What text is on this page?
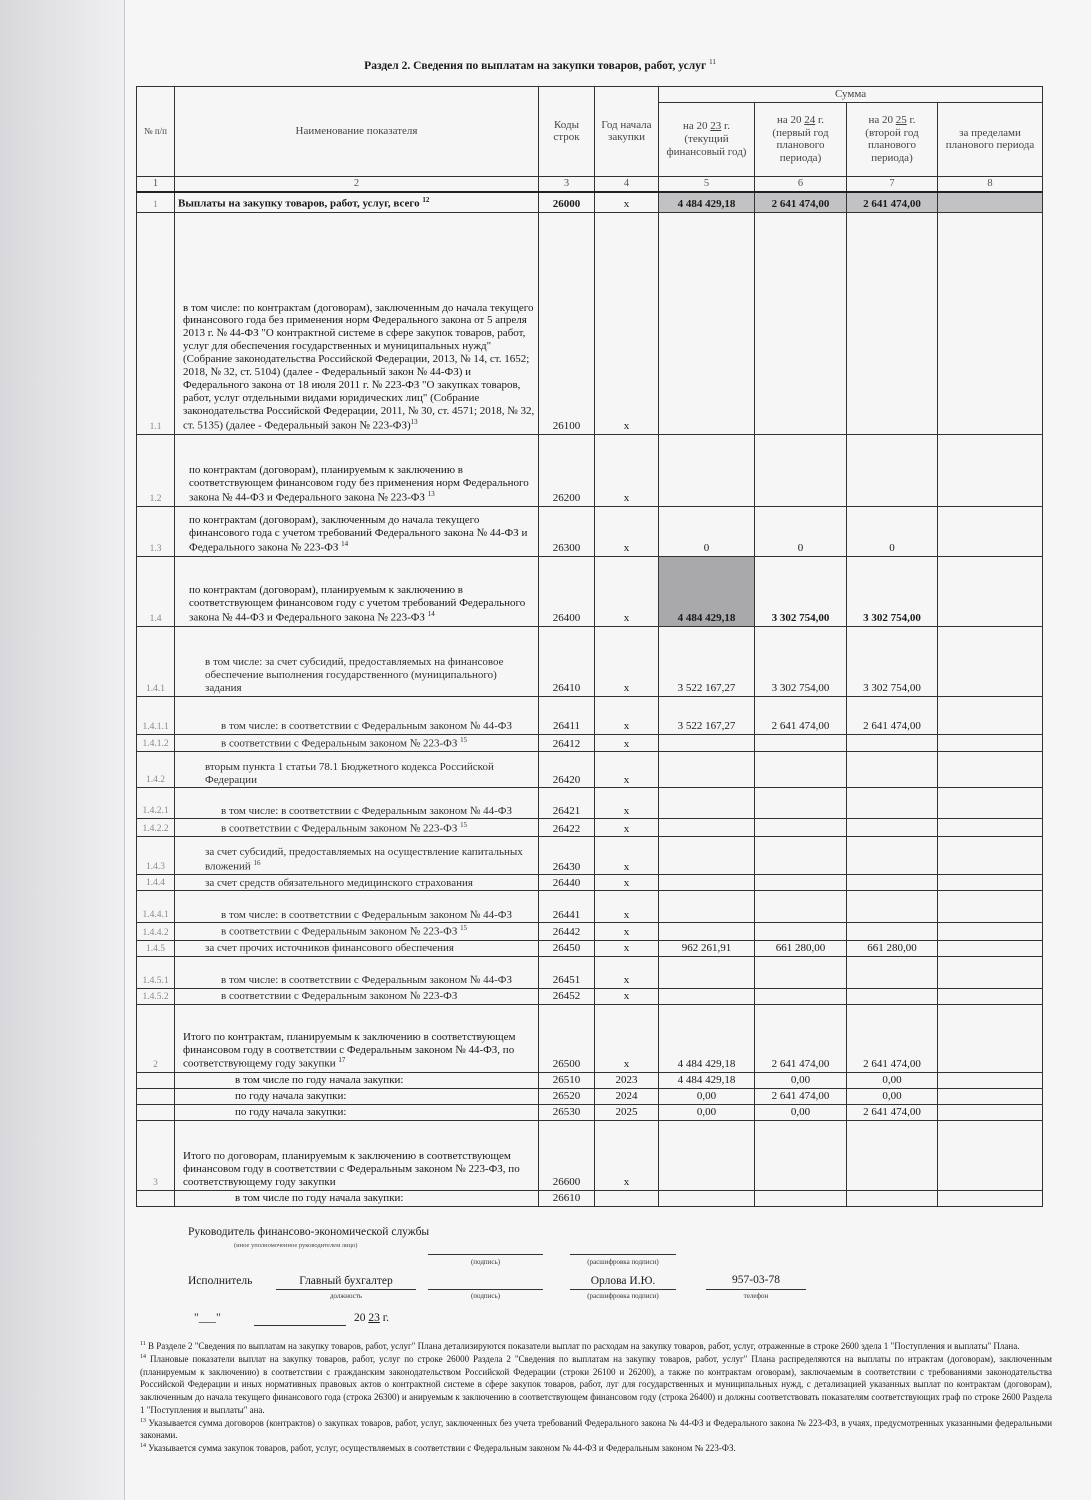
Раздел 2. Сведения по выплатам на закупки товаров, работ, услуг $^{11}$
№ п/п	Наименование показателя	Коды строк	Год начала закупки	Сумма			
				на 20 23 г. (текущий финансовый год)	на 20 24 г. (первый год планового периода)	на 20 25 г. (второй год планового периода)	за пределами планового периода
1	2	3	4	5	6	7	8
1	Выплаты на закупку товаров, работ, услуг, всего $^{12}$	26000	х	4 484 429,18	2 641 474,00	2 641 474,00	
1.1	в том числе: по контрактам (договорам), заключенным до начала текущего финансового года без применения норм Федерального закона от 5 апреля 2013 г. № 44-ФЗ "О контрактной системе в сфере закупок товаров, работ, услуг для обеспечения государственных и муниципальных нужд" (Собрание законодательства Российской Федерации, 2013, № 14, ст. 1652; 2018, № 32, ст. 5104) (далее - Федеральный закон № 44-ФЗ) и Федерального закона от 18 июля 2011 г. № 223-ФЗ "О закупках товаров, работ, услуг отдельными видами юридических лиц" (Собрание законодательства Российской Федерации, 2011, № 30, ст. 4571; 2018, № 32, ст. 5135) (далее - Федеральный закон № 223-ФЗ)$^{13}$	26100	х				
1.2	по контрактам (договорам), планируемым к заключению в соответствующем финансовом году без применения норм Федерального закона № 44-ФЗ и Федерального закона № 223-ФЗ $^{13}$	26200	х				
1.3	по контрактам (договорам), заключенным до начала текущего финансового года с учетом требований Федерального закона № 44-ФЗ и Федерального закона № 223-ФЗ $^{14}$	26300	х	0	0	0	
1.4	по контрактам (договорам), планируемым к заключению в соответствующем финансовом году с учетом требований Федерального закона № 44-ФЗ и Федерального закона № 223-ФЗ $^{14}$	26400	х	4 484 429,18	3 302 754,00	3 302 754,00	
1.4.1	в том числе: за счет субсидий, предоставляемых на финансовое обеспечение выполнения государственного (муниципального) задания	26410	х	3 522 167,27	3 302 754,00	3 302 754,00	
1.4.1.1	в том числе: в соответствии с Федеральным законом № 44-ФЗ	26411	х	3 522 167,27	2 641 474,00	2 641 474,00	
1.4.1.2	в соответствии с Федеральным законом № 223-ФЗ $^{15}$	26412	х				
1.4.2	вторым пункта 1 статьи 78.1 Бюджетного кодекса Российской Федерации	26420	х				
1.4.2.1	в том числе: в соответствии с Федеральным законом № 44-ФЗ	26421	х				
1.4.2.2	в соответствии с Федеральным законом № 223-ФЗ $^{15}$	26422	х				
1.4.3	за счет субсидий, предоставляемых на осуществление капитальных вложений $^{16}$	26430	х				
1.4.4	за счет средств обязательного медицинского страхования	26440	х				
1.4.4.1	в том числе: в соответствии с Федеральным законом № 44-ФЗ	26441	х				
1.4.4.2	в соответствии с Федеральным законом № 223-ФЗ $^{15}$	26442	х				
1.4.5	за счет прочих источников финансового обеспечения	26450	х	962 261,91	661 280,00	661 280,00	
1.4.5.1	в том числе: в соответствии с Федеральным законом № 44-ФЗ	26451	х				
1.4.5.2	в соответствии с Федеральным законом № 223-ФЗ	26452	х				
2	Итого по контрактам, планируемым к заключению в соответствующем финансовом году в соответствии с Федеральным законом № 44-ФЗ, по соответствующему году закупки $^{17}$	26500	х	4 484 429,18	2 641 474,00	2 641 474,00	
	в том числе по году начала закупки:	26510	2023	4 484 429,18	0,00	0,00	
	по году начала закупки:	26520	2024	0,00	2 641 474,00	0,00	
	по году начала закупки:	26530	2025	0,00	0,00	2 641 474,00	
3	Итого по договорам, планируемым к заключению в соответствующем финансовом году в соответствии с Федеральным законом № 223-ФЗ, по соответствующему году закупки	26600	х				
	в том числе по году начала закупки:	26610					
Руководитель финансово-экономической службы
(иное уполномоченное руководителем лицо)
(подпись)	(расшифровка подписи)
Исполнитель	Главный бухгалтер
должность	(подпись)
Орлова И.Ю.
(расшифровка подписи)
957-03-78
телефон
"___"	20 23 г.

$^{11}$ В Разделе 2 "Сведения по выплатам на закупку товаров, работ, услуг" Плана детализируются показатели выплат по расходам на закупку товаров, работ, услуг, отраженные в строке 2600 здела 1 "Поступления и выплаты" Плана.

$^{14}$ Плановые показатели выплат на закупку товаров, работ, услуг по строке 26000 Раздела 2 "Сведения по выплатам на закупку товаров, работ, услуг" Плана распределяются на выплаты по нтрактам (договорам), заключенным (планируемым к заключению) в соответствии с гражданским законодательством Российской Федерации (строки 26100 и 26200), а также по контрактам оговорам), заключаемым в соответствии с требованиями законодательства Российской Федерации и иных нормативных правовых актов о контрактной системе в сфере закупок товаров, работ, луг для государственных и муниципальных нужд, с детализацией указанных выплат по контрактам (договорам), заключенным до начала текущего финансового года (строка 26300) и анируемым к заключению в соответствующем финансовом году (строка 26400) и должны соответствовать показателям соответствующих граф по строке 2600 Раздела 1 "Поступления и выплаты" ана.

$^{13}$ Указывается сумма договоров (контрактов) о закупках товаров, работ, услуг, заключенных без учета требований Федерального закона № 44-ФЗ и Федерального закона № 223-ФЗ, в учаях, предусмотренных указанными федеральными законами.

$^{14}$ Указывается сумма закупок товаров, работ, услуг, осуществляемых в соответствии с Федеральным законом № 44-ФЗ и Федеральным законом № 223-ФЗ.
